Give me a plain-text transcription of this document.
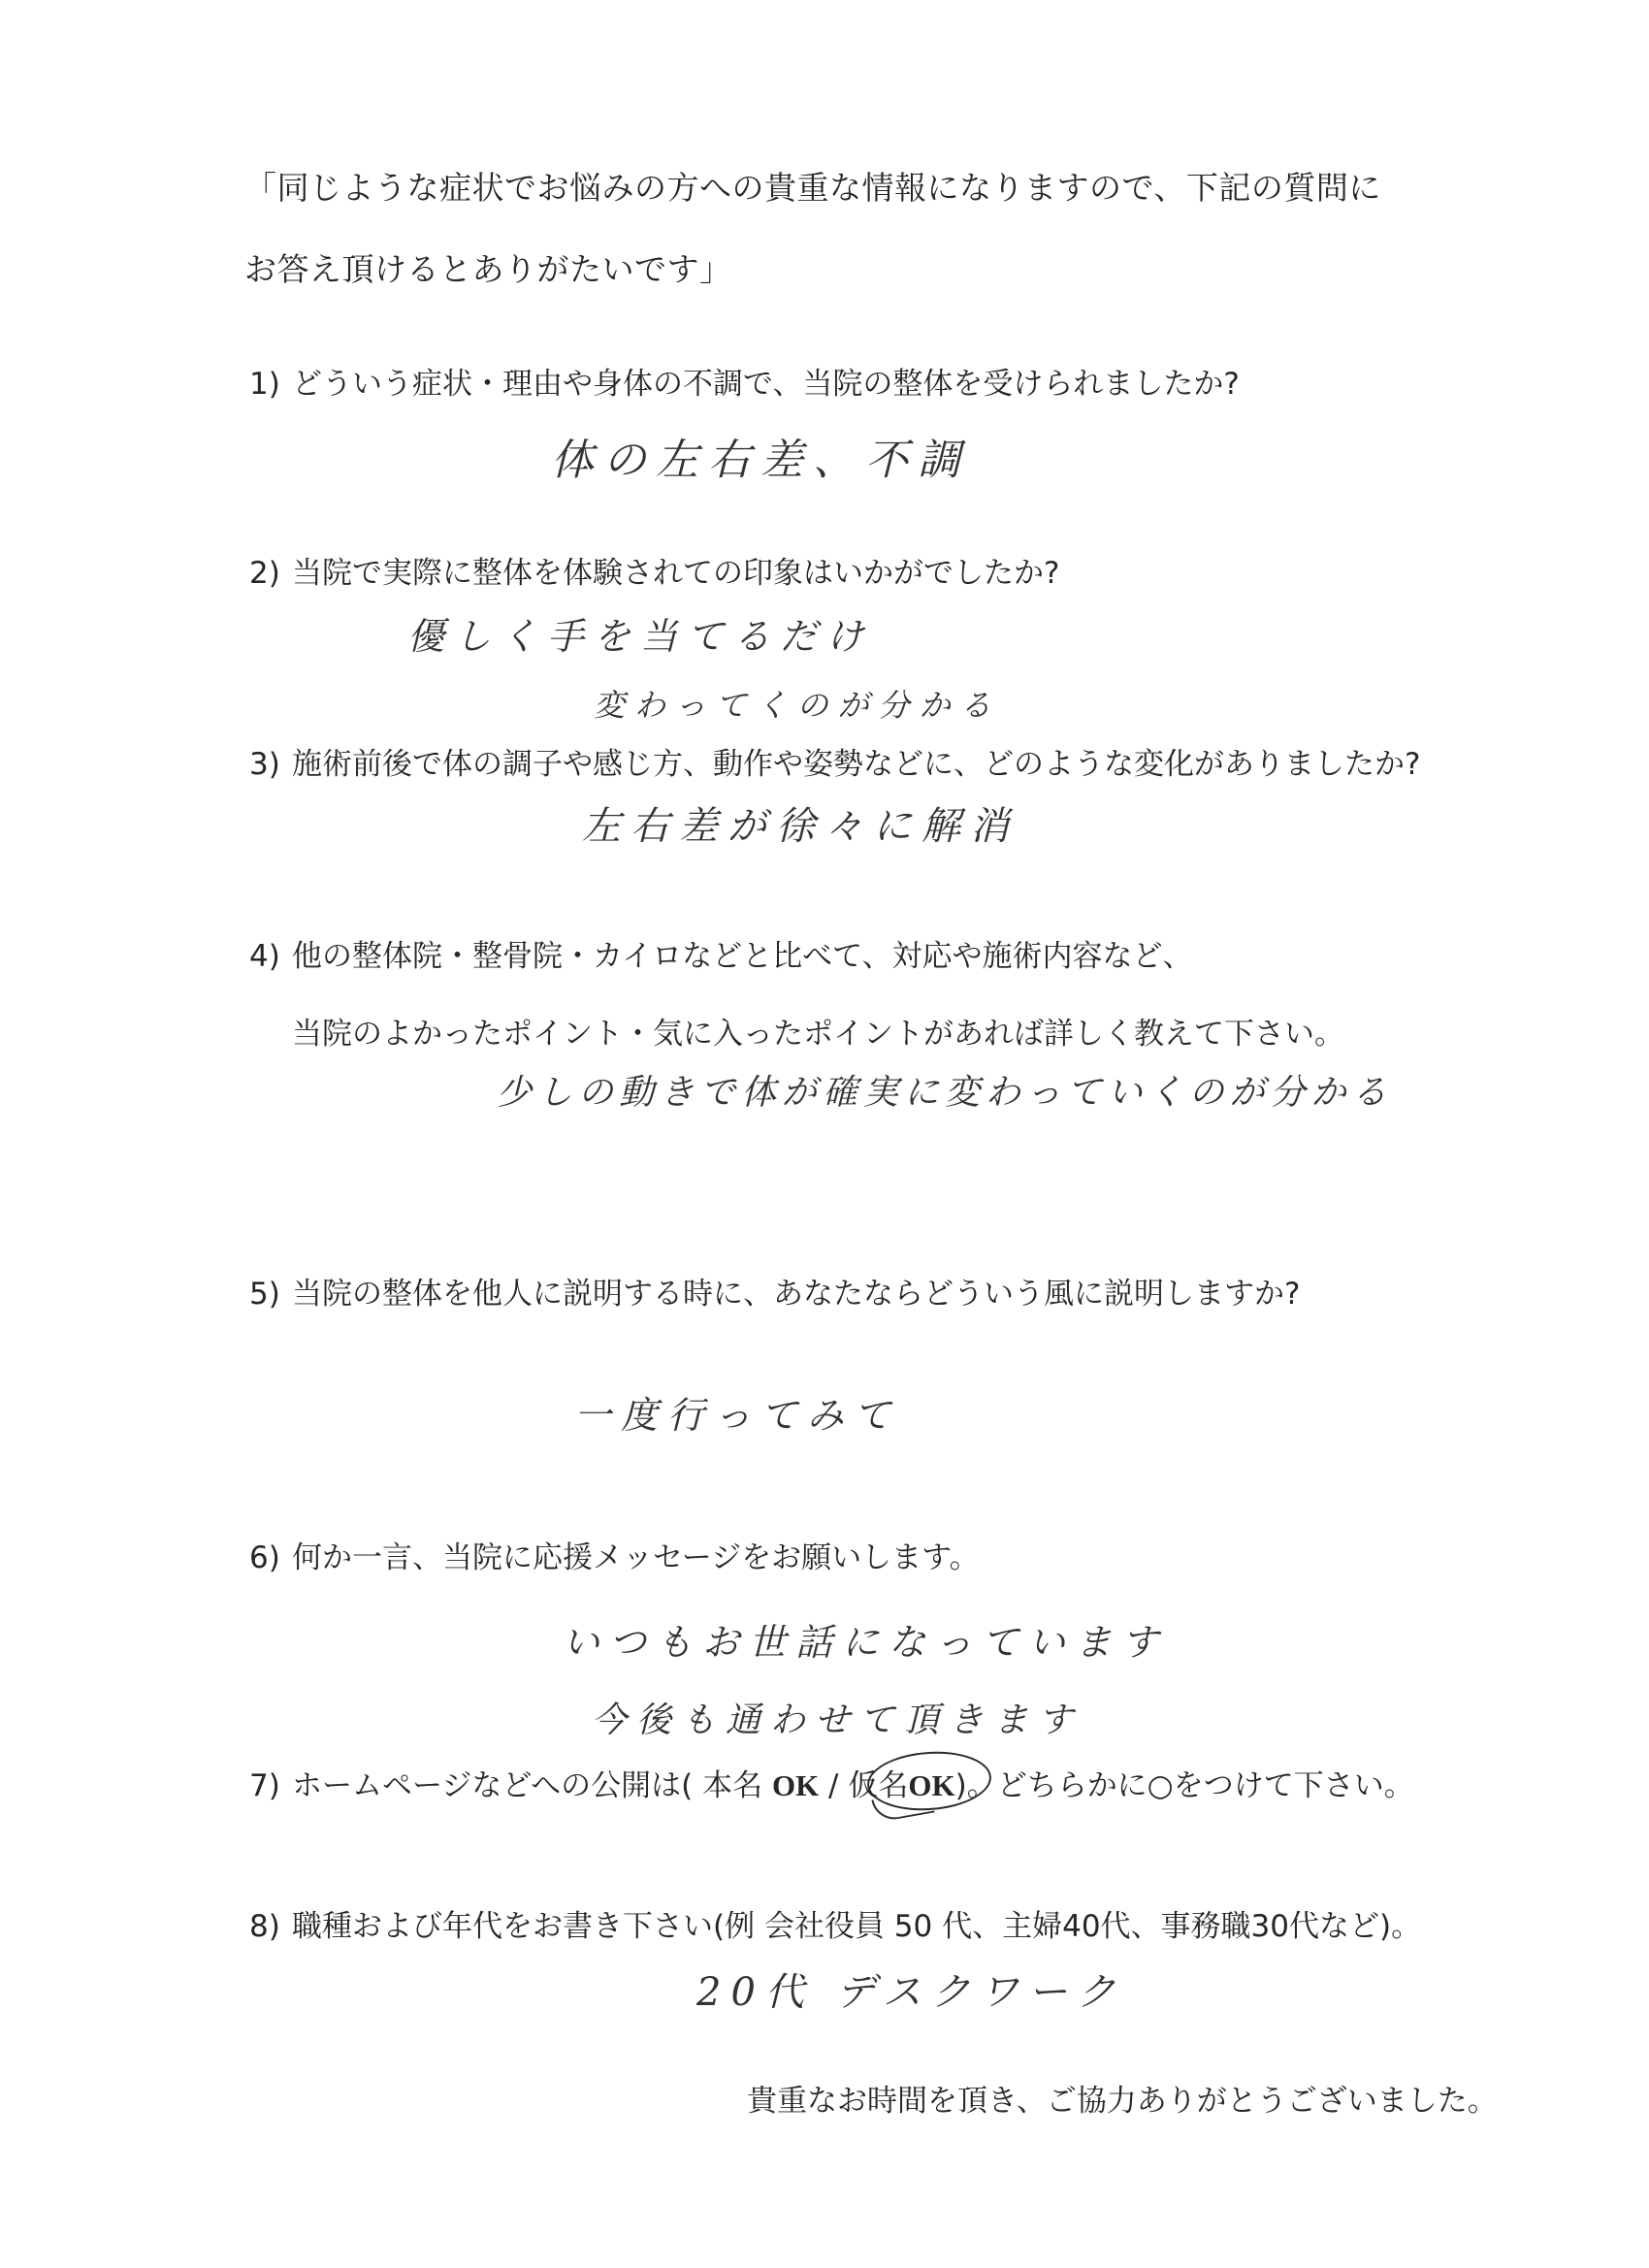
「同じような症状でお悩みの方への貴重な情報になりますので、下記の質問に
お答え頂けるとありがたいです」
1) どういう症状・理由や身体の不調で、当院の整体を受けられましたか?
体の左右差、不調
2) 当院で実際に整体を体験されての印象はいかがでしたか?
優しく手を当てるだけ
変わってくのが分かる
3) 施術前後で体の調子や感じ方、動作や姿勢などに、どのような変化がありましたか?
左右差が徐々に解消
4) 他の整体院・整骨院・カイロなどと比べて、対応や施術内容など、
当院のよかったポイント・気に入ったポイントがあれば詳しく教えて下さい。
少しの動きで体が確実に変わっていくのが分かる
5) 当院の整体を他人に説明する時に、あなたならどういう風に説明しますか?
一度行ってみて
6) 何か一言、当院に応援メッセージをお願いします。
いつもお世話になっています
今後も通わせて頂きます
7) ホームページなどへの公開は( 本名 OK / 仮名OK)。どちらかに○をつけて下さい。
8) 職種および年代をお書き下さい(例 会社役員 50 代、主婦40代、事務職30代など)。
20代 デスクワーク
貴重なお時間を頂き、ご協力ありがとうございました。
